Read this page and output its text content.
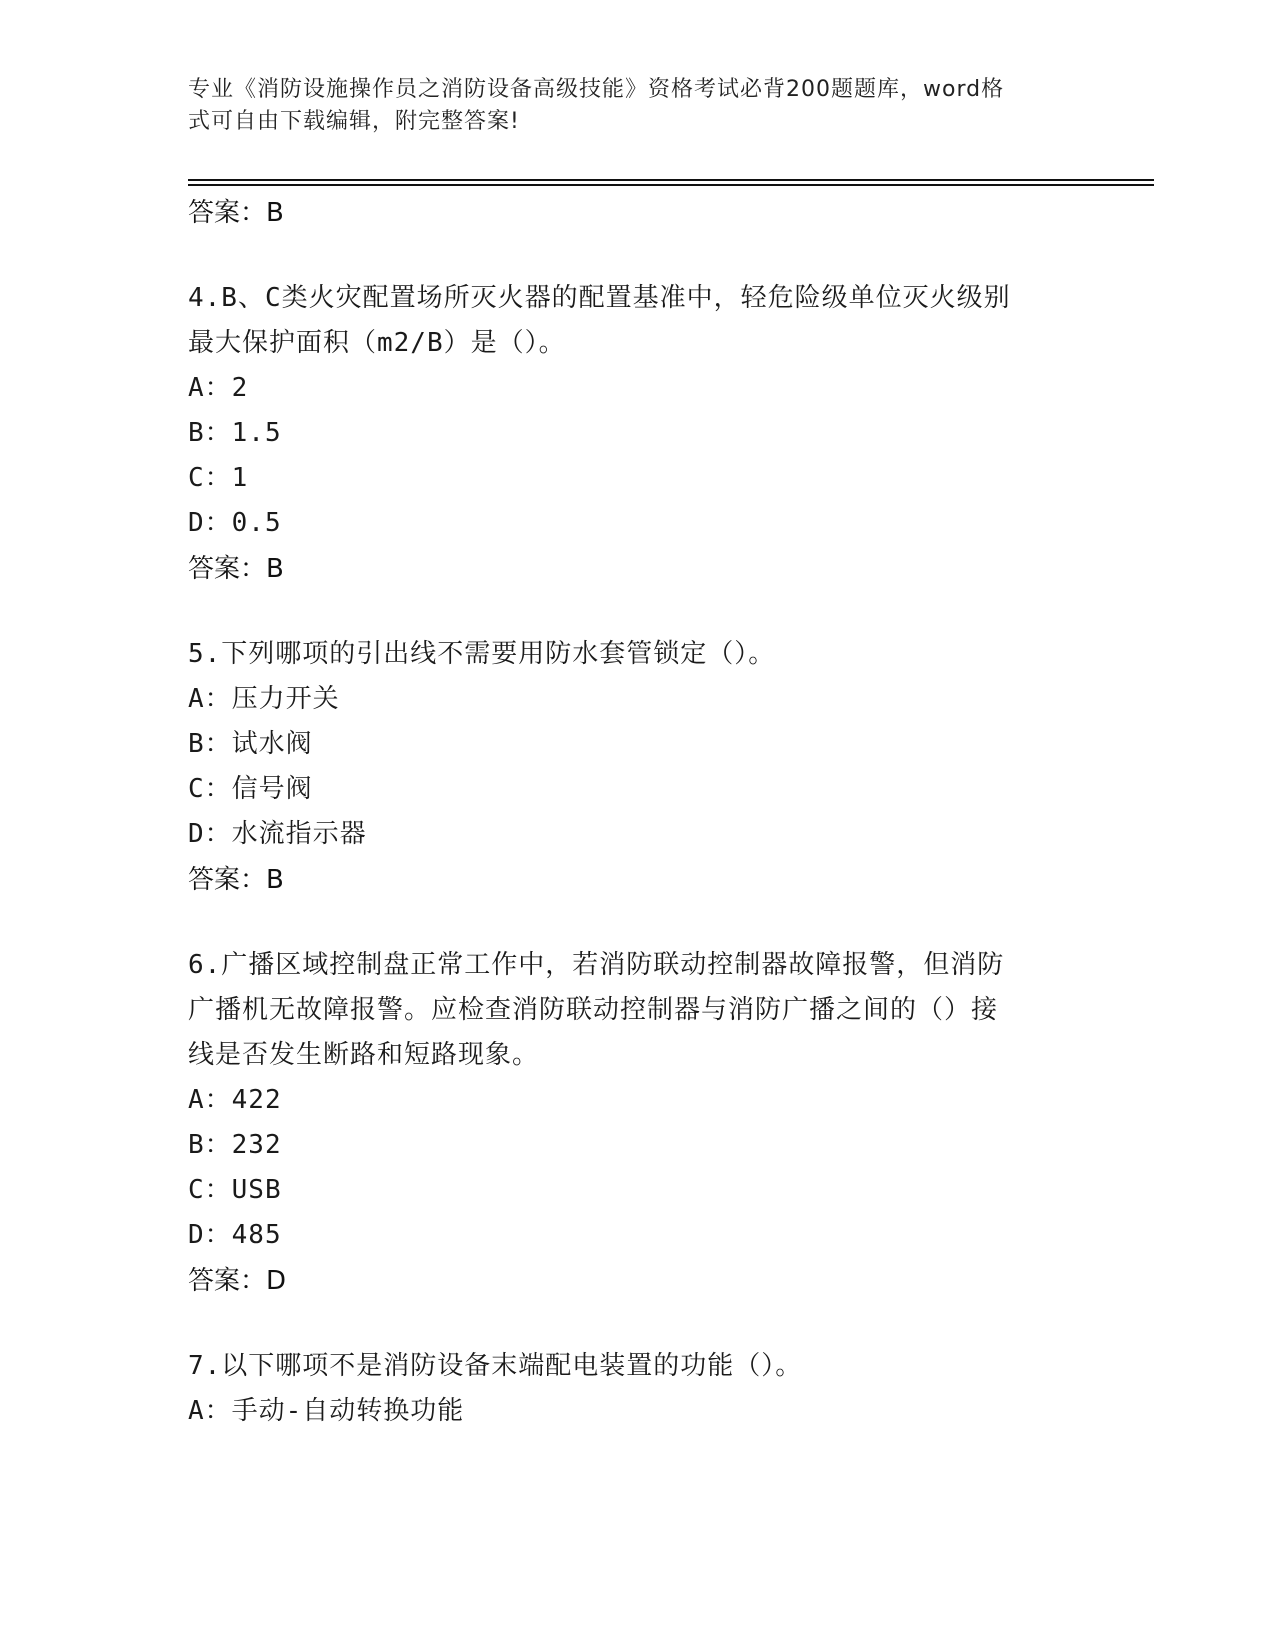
专业《消防设施操作员之消防设备高级技能》资格考试必背200题题库，word格
式可自由下载编辑，附完整答案!
答案：B
4.B、C类火灾配置场所灭火器的配置基准中，轻危险级单位灭火级别
最大保护面积（m2/B）是（）。
A：2
B：1.5
C：1
D：0.5
答案：B
5.下列哪项的引出线不需要用防水套管锁定（）。
A：压力开关
B：试水阀
C：信号阀
D：水流指示器
答案：B
6.广播区域控制盘正常工作中，若消防联动控制器故障报警，但消防
广播机无故障报警。应检查消防联动控制器与消防广播之间的（）接
线是否发生断路和短路现象。
A：422
B：232
C：USB
D：485
答案：D
7.以下哪项不是消防设备末端配电装置的功能（）。
A：手动-自动转换功能
